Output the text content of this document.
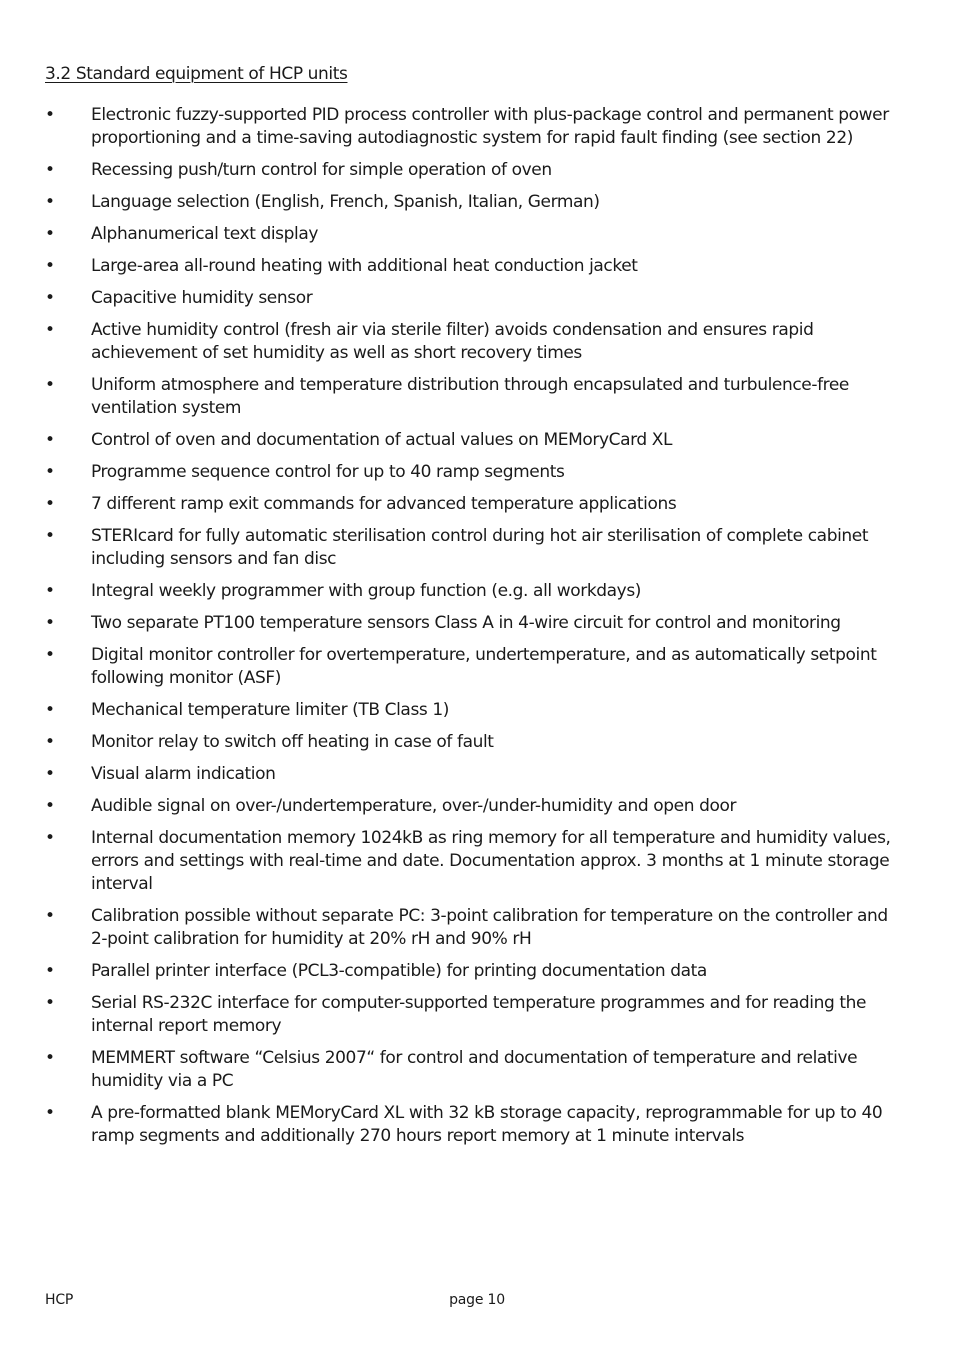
3.2 Standard equipment of HCP units
• Electronic fuzzy-supported PID process controller with plus-package control and permanent power proportioning and a time-saving autodiagnostic system for rapid fault finding (see section 22)
• Recessing push/turn control for simple operation of oven
• Language selection (English, French, Spanish, Italian, German)
• Alphanumerical text display
• Large-area all-round heating with additional heat conduction jacket
• Capacitive humidity sensor
• Active humidity control (fresh air via sterile filter) avoids condensation and ensures rapid achievement of set humidity as well as short recovery times
• Uniform atmosphere and temperature distribution through encapsulated and turbulence-free ventilation system
• Control of oven and documentation of actual values on MEMoryCard XL
• Programme sequence control for up to 40 ramp segments
• 7 different ramp exit commands for advanced temperature applications
• STERIcard for fully automatic sterilisation control during hot air sterilisation of complete cabinet including sensors and fan disc
• Integral weekly programmer with group function (e.g. all workdays)
• Two separate PT100 temperature sensors Class A in 4-wire circuit for control and monitoring
• Digital monitor controller for overtemperature, undertemperature, and as automatically setpoint following monitor (ASF)
• Mechanical temperature limiter (TB Class 1)
• Monitor relay to switch off heating in case of fault
• Visual alarm indication
• Audible signal on over-/undertemperature, over-/under-humidity and open door
• Internal documentation memory 1024kB as ring memory for all temperature and humidity values, errors and settings with real-time and date. Documentation approx. 3 months at 1 minute storage interval
• Calibration possible without separate PC: 3-point calibration for temperature on the controller and 2-point calibration for humidity at 20% rH and 90% rH
• Parallel printer interface (PCL3-compatible) for printing documentation data
• Serial RS-232C interface for computer-supported temperature programmes and for reading the internal report memory
• MEMMERT software “Celsius 2007“ for control and documentation of temperature and relative humidity via a PC
• A pre-formatted blank MEMoryCard XL with 32 kB storage capacity, reprogrammable for up to 40 ramp segments and additionally 270 hours report memory at 1 minute intervals
HCP	page 10
